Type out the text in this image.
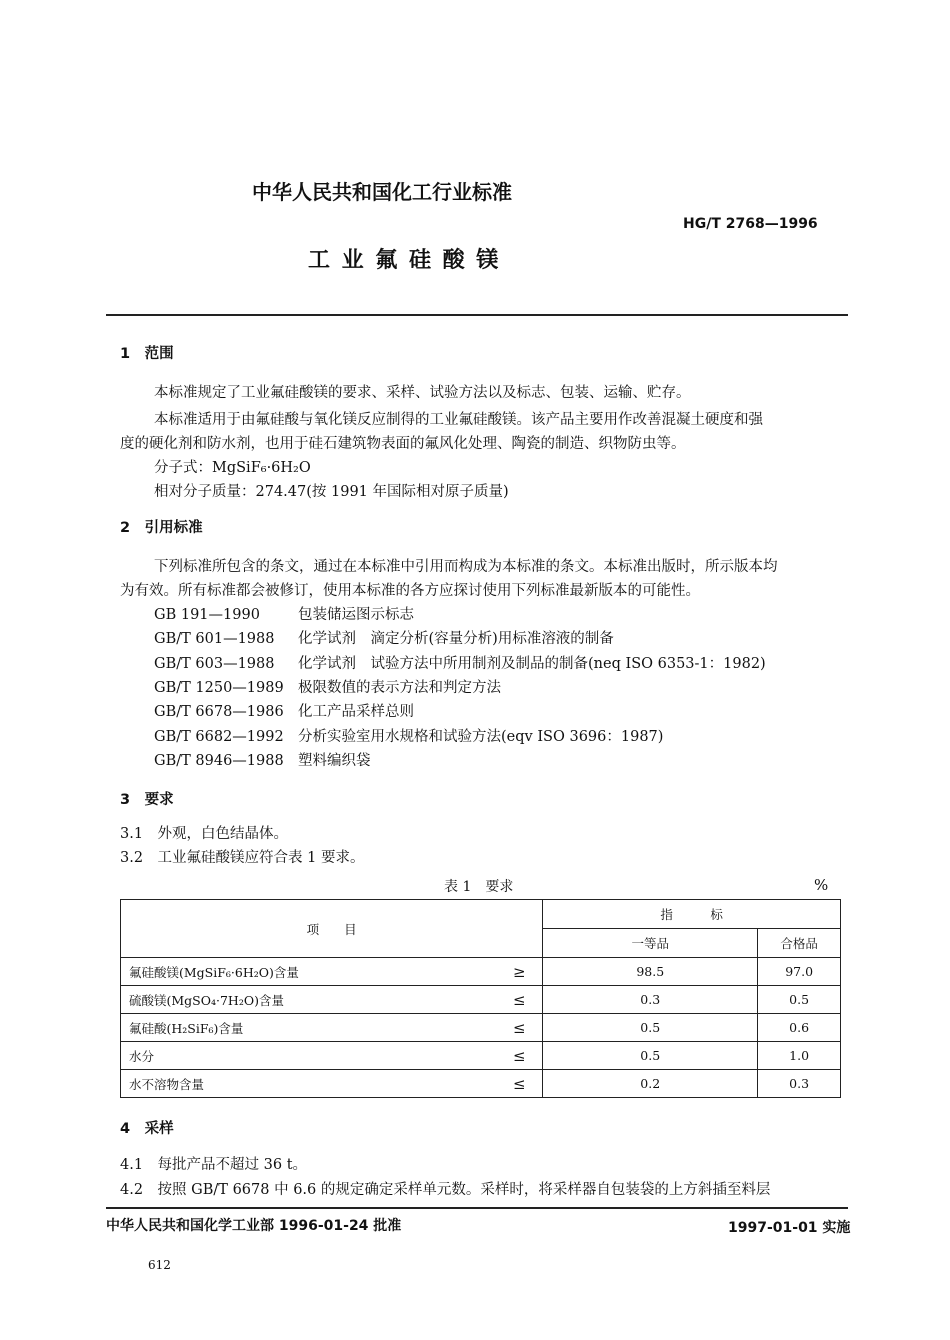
中华人民共和国化工行业标准
HG/T 2768—1996
工 业 氟 硅 酸 镁
1　范围
本标准规定了工业氟硅酸镁的要求、采样、试验方法以及标志、包装、运输、贮存。
本标准适用于由氟硅酸与氧化镁反应制得的工业氟硅酸镁。该产品主要用作改善混凝土硬度和强
度的硬化剂和防水剂，也用于硅石建筑物表面的氟风化处理、陶瓷的制造、织物防虫等。
分子式：MgSiF₆·6H₂O
相对分子质量：274.47(按 1991 年国际相对原子质量)
2　引用标准
下列标准所包含的条文，通过在本标准中引用而构成为本标准的条文。本标准出版时，所示版本均
为有效。所有标准都会被修订，使用本标准的各方应探讨使用下列标准最新版本的可能性。
GB 191—1990	包装储运图示标志
GB/T 601—1988 化学试剂　滴定分析(容量分析)用标准溶液的制备
GB/T 603—1988 化学试剂　试验方法中所用制剂及制品的制备(neq ISO 6353-1：1982)
GB/T 1250—1989 极限数值的表示方法和判定方法
GB/T 6678—1986 化工产品采样总则
GB/T 6682—1992 分析实验室用水规格和试验方法(eqv ISO 3696：1987)
GB/T 8946—1988 塑料编织袋
3　要求
3.1　外观，白色结晶体。
3.2　工业氟硅酸镁应符合表 1 要求。
表 1　要求	%
项　　目		指　　　标	
		一等品	合格品
氟硅酸镁(MgSiF₆·6H₂O)含量	≥	98.5	97.0
硫酸镁(MgSO₄·7H₂O)含量	≤	0.3	0.5
氟硅酸(H₂SiF₆)含量	≤	0.5	0.6
水分	≤	0.5	1.0
水不溶物含量	≤	0.2	0.3
4　采样
4.1　每批产品不超过 36 t。
4.2　按照 GB/T 6678 中 6.6 的规定确定采样单元数。采样时，将采样器自包装袋的上方斜插至料层
中华人民共和国化学工业部 1996-01-24 批准	1997-01-01 实施
612
